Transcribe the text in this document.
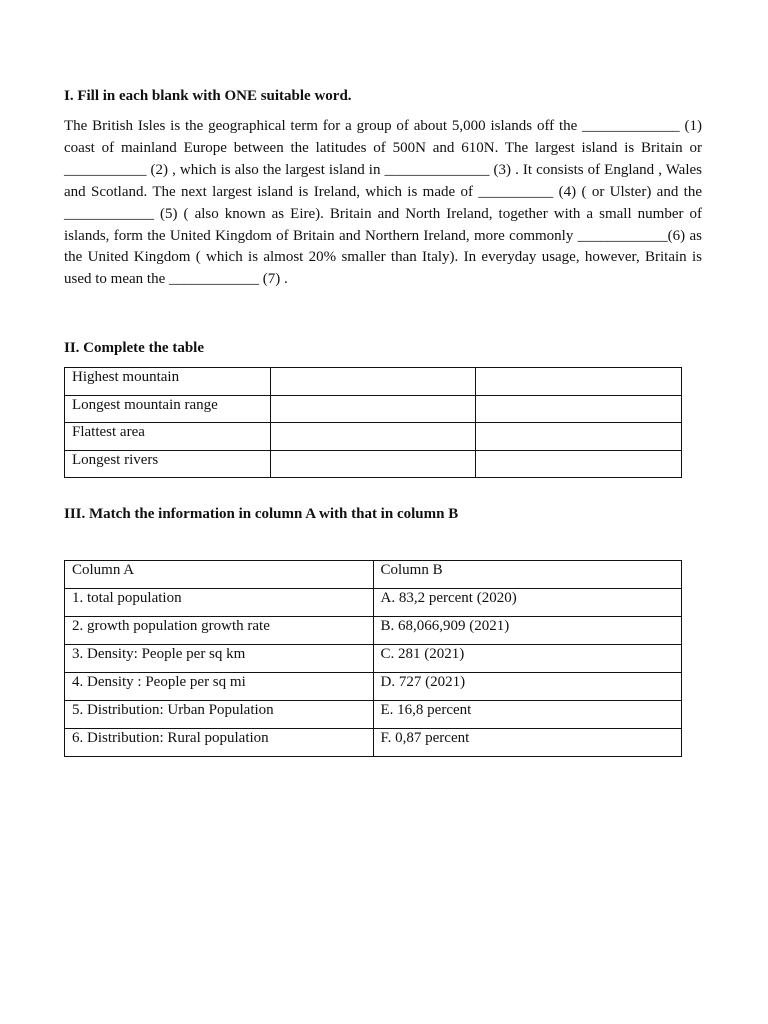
I. Fill in each blank with ONE suitable word.

The British Isles is the geographical term for a group of about 5,000 islands off the _____________ (1) coast of mainland Europe between the latitudes of 500N and 610N. The largest island is Britain or ___________ (2) , which is also the largest island in ______________ (3) . It consists of England , Wales and Scotland. The next largest island is Ireland, which is made of __________ (4) ( or Ulster) and the ____________ (5) ( also known as Eire). Britain and North Ireland, together with a small number of islands, form the United Kingdom of Britain and Northern Ireland, more commonly ____________(6) as the United Kingdom ( which is almost 20% smaller than Italy). In everyday usage, however, Britain is used to mean the ____________ (7) .

II. Complete the table
Highest mountain		
Longest mountain range		
Flattest area		
Longest rivers		
III. Match the information in column A with that in column B
Column A	Column B
1. total population	A. 83,2 percent (2020)
2. growth population growth rate	B. 68,066,909 (2021)
3. Density: People per sq km	C. 281 (2021)
4. Density : People per sq mi	D. 727 (2021)
5. Distribution: Urban Population	E. 16,8 percent
6. Distribution: Rural population	F. 0,87 percent
